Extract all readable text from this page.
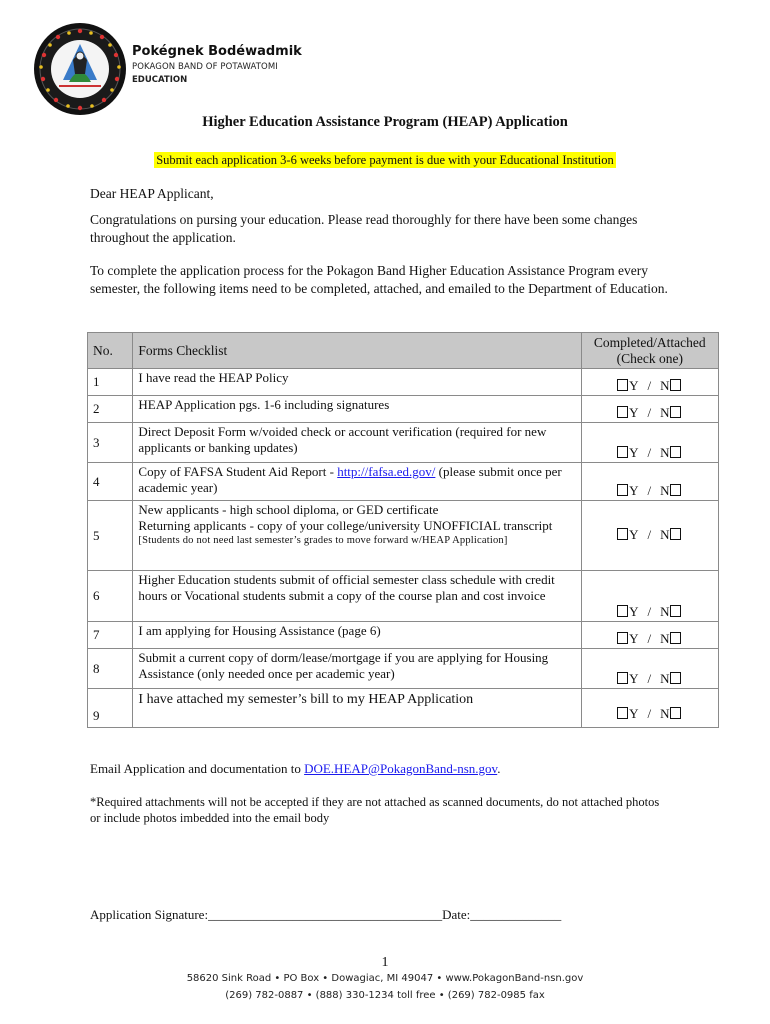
Pokégnek Bodéwadmik
POKAGON BAND OF POTAWATOMI
EDUCATION
Higher Education Assistance Program (HEAP) Application
Submit each application 3-6 weeks before payment is due with your Educational Institution
Dear HEAP Applicant,
Congratulations on pursing your education. Please read thoroughly for there have been some changes throughout the application.
To complete the application process for the Pokagon Band Higher Education Assistance Program every semester, the following items need to be completed, attached, and emailed to the Department of Education.
No.	Forms Checklist	Completed/Attached
(Check one)

1	I have read the HEAP Policy	Y / N
2	HEAP Application pgs. 1-6 including signatures	Y / N
3	Direct Deposit Form w/voided check or account verification (required for new applicants or banking updates)	Y / N
4	Copy of FAFSA Student Aid Report - http://fafsa.ed.gov/ (please submit once per academic year)	Y / N
5	New applicants - high school diploma, or GED certificate
Returning applicants - copy of your college/university UNOFFICIAL transcript
[Students do not need last semester’s grades to move forward w/HEAP Application]	Y / N
6	Higher Education students submit of official semester class schedule with credit hours or Vocational students submit a copy of the course plan and cost invoice	Y / N
7	I am applying for Housing Assistance (page 6)	Y / N
8	Submit a current copy of dorm/lease/mortgage if you are applying for Housing Assistance (only needed once per academic year)	Y / N
9	I have attached my semester’s bill to my HEAP Application	Y / N
Email Application and documentation to DOE.HEAP@PokagonBand-nsn.gov.
*Required attachments will not be accepted if they are not attached as scanned documents, do not attached photos or include photos imbedded into the email body
Application Signature:____________________________________Date:______________
1
58620 Sink Road • PO Box • Dowagiac, MI 49047 • www.PokagonBand-nsn.gov
(269) 782-0887 • (888) 330-1234 toll free • (269) 782-0985 fax
